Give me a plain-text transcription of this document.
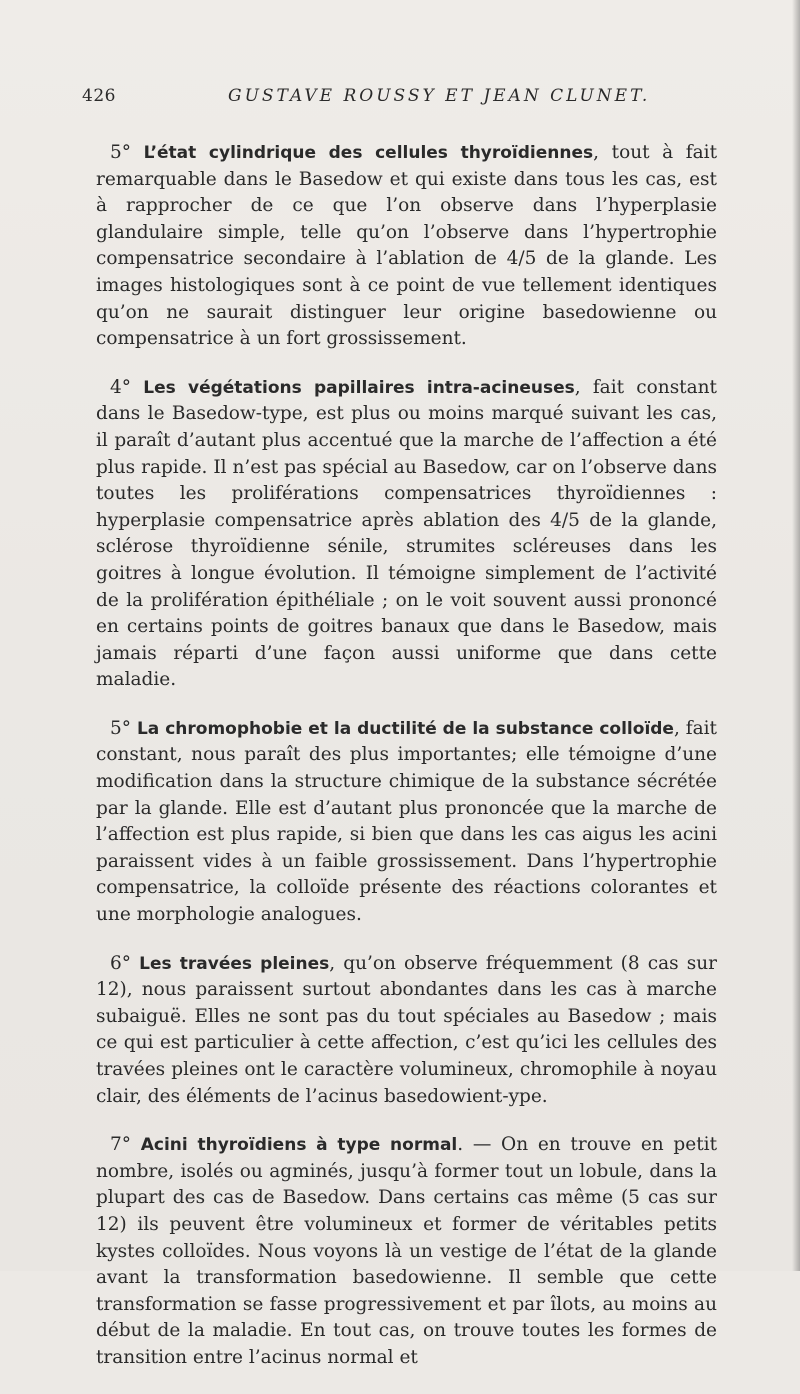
426	GUSTAVE ROUSSY ET JEAN CLUNET.

5° L’état cylindrique des cellules thyroïdiennes, tout à fait remarquable dans le Basedow et qui existe dans tous les cas, est à rapprocher de ce que l’on observe dans l’hyperplasie glandulaire simple, telle qu’on l’observe dans l’hypertrophie compensatrice secondaire à l’ablation de 4/5 de la glande. Les images histologiques sont à ce point de vue tellement identiques qu’on ne saurait distinguer leur origine basedowienne ou compensatrice à un fort grossissement.

4° Les végétations papillaires intra-acineuses, fait constant dans le Basedow-type, est plus ou moins marqué suivant les cas, il paraît d’autant plus accentué que la marche de l’affection a été plus rapide. Il n’est pas spécial au Basedow, car on l’observe dans toutes les proliférations compensatrices thyroïdiennes : hyperplasie compensatrice après ablation des 4/5 de la glande, sclérose thyroïdienne sénile, strumites scléreuses dans les goitres à longue évolution. Il témoigne simplement de l’activité de la prolifération épithéliale ; on le voit souvent aussi prononcé en certains points de goitres banaux que dans le Basedow, mais jamais réparti d’une façon aussi uniforme que dans cette maladie.

5° La chromophobie et la ductilité de la substance colloïde, fait constant, nous paraît des plus importantes; elle témoigne d’une modification dans la structure chimique de la substance sécrétée par la glande. Elle est d’autant plus prononcée que la marche de l’affection est plus rapide, si bien que dans les cas aigus les acini paraissent vides à un faible grossissement. Dans l’hypertrophie compensatrice, la colloïde présente des réactions colorantes et une morphologie analogues.

6° Les travées pleines, qu’on observe fréquemment (8 cas sur 12), nous paraissent surtout abondantes dans les cas à marche subaiguë. Elles ne sont pas du tout spéciales au Basedow ; mais ce qui est particulier à cette affection, c’est qu’ici les cellules des travées pleines ont le caractère volumineux, chromophile à noyau clair, des éléments de l’acinus basedowient-ype.

7° Acini thyroïdiens à type normal. — On en trouve en petit nombre, isolés ou agminés, jusqu’à former tout un lobule, dans la plupart des cas de Basedow. Dans certains cas même (5 cas sur 12) ils peuvent être volumineux et former de véritables petits kystes colloïdes. Nous voyons là un vestige de l’état de la glande avant la transformation basedowienne. Il semble que cette transformation se fasse progressivement et par îlots, au moins au début de la maladie. En tout cas, on trouve toutes les formes de transition entre l’acinus normal et
